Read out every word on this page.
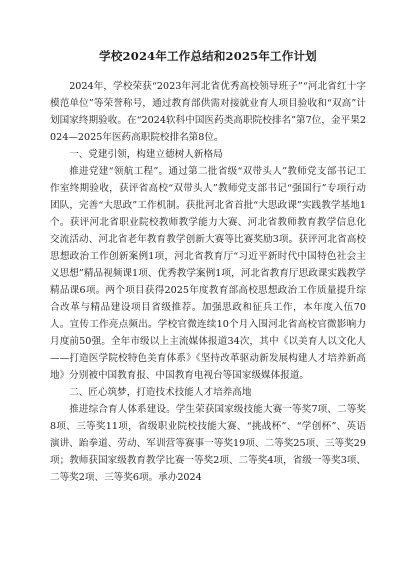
学校2024年工作总结和2025年工作计划

2024年，学校荣获“2023年河北省优秀高校领导班子”“河北省红十字模范单位”等荣誉称号，通过教育部供需对接就业育人项目验收和“双高”计划国家终期验收。在“2024软科中国医药类高职院校排名”第7位，金平果2024—2025年医药高职院校排名第8位。

一、党建引领，构建立德树人新格局

推进党建“领航工程”。通过第二批省级“双带头人”教师党支部书记工作室终期验收，获评省高校“双带头人”教师党支部书记“强国行”专项行动团队，完善“大思政”工作机制。获批河北省首批“大思政课”实践教学基地1个。获评河北省职业院校教师教学能力大赛、河北省教师教育教学信息化交流活动、河北省老年教育教学创新大赛等比赛奖励3项。获评河北省高校思想政治工作创新案例1项，河北省教育厅“习近平新时代中国特色社会主义思想”精品视频课1项、优秀教学案例1项，河北省教育厅思政课实践教学精品课6项。两个项目获得2025年度教育部高校思想政治工作质量提升综合改革与精品建设项目省级推荐。加强思政和征兵工作，本年度入伍70人。宣传工作亮点频出。学校官微连续10个月入围河北省高校官微影响力月度前50强。全年市级以上主流媒体报道34次，其中《以美育人以文化人——打造医学院校特色美育体系》《坚持改革驱动新发展构建人才培养新高地》分别被中国教育报、中国教育电视台等国家级媒体报道。

二、匠心筑梦，打造技术技能人才培养高地

推进综合育人体系建设。学生荣获国家级技能大赛一等奖7项、二等奖8项、三等奖11项，省级职业院校技能大赛、“挑战杯”、“学创杯”、英语演讲、跆拳道、劳动、军训营等赛事一等奖19项、二等奖25项、三等奖29项；教师获国家级教育教学比赛一等奖2项、二等奖4项，省级一等奖3项、二等奖2项、三等奖6项。承办2024
